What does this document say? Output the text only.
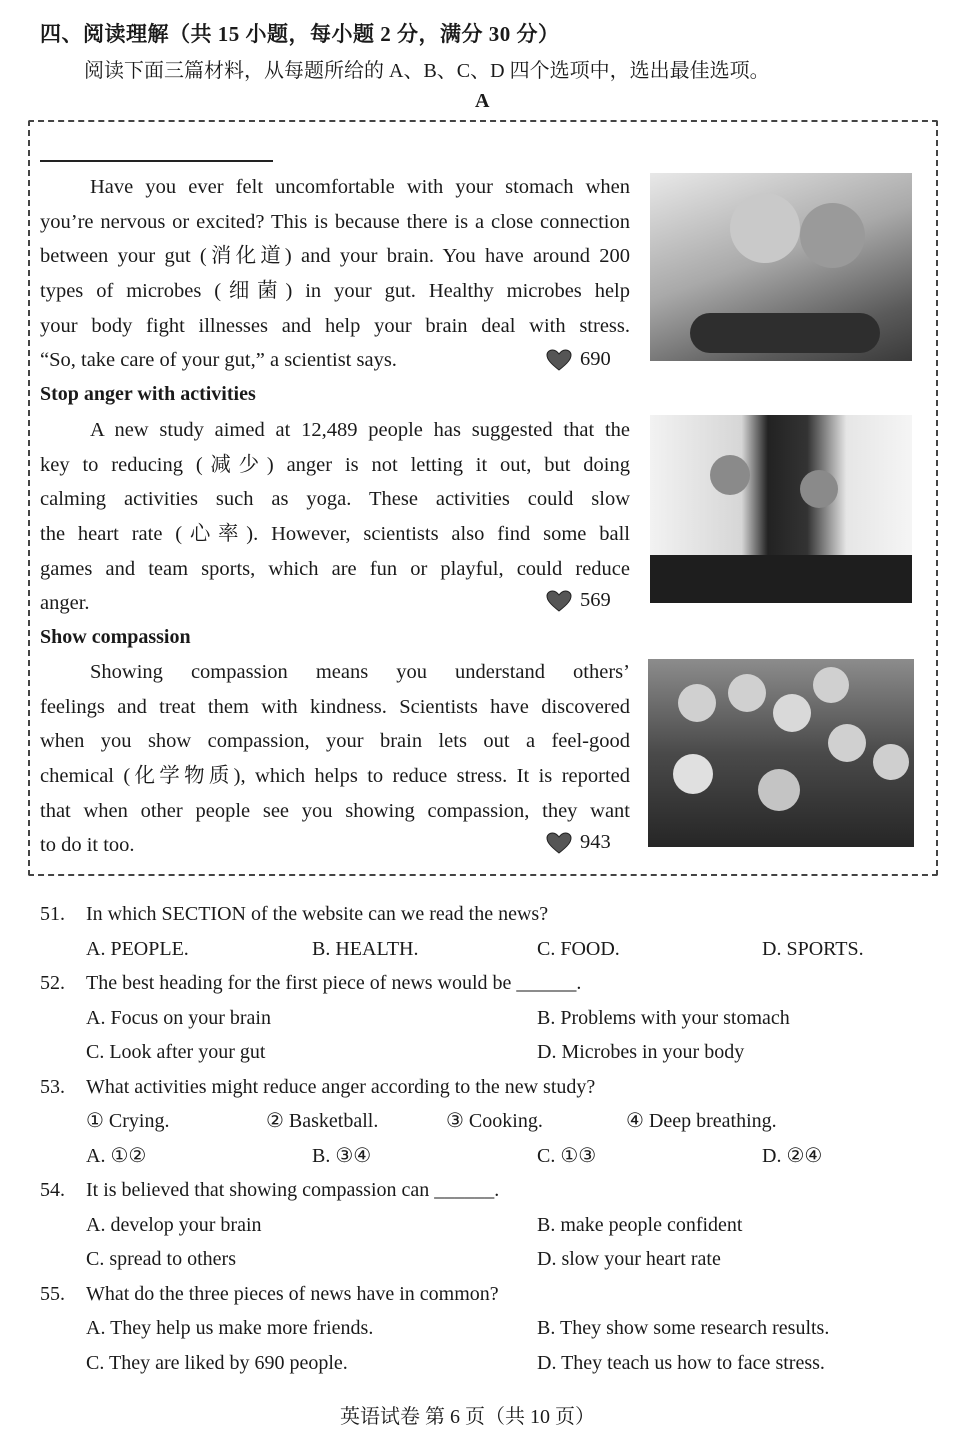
四、阅读理解（共 15 小题，每小题 2 分，满分 30 分）
阅读下面三篇材料，从每题所给的 A、B、C、D 四个选项中，选出最佳选项。
A
Have you ever felt uncomfortable with your stomach when
you’re nervous or excited? This is because there is a close connection
between your gut (消化道) and your brain. You have around 200
types of microbes (细菌) in your gut. Healthy microbes help
your body fight illnesses and help your brain deal with stress.
“So, take care of your gut,” a scientist says.	690
Stop anger with activities
A new study aimed at 12,489 people has suggested that the
key to reducing (减少) anger is not letting it out, but doing
calming activities such as yoga. These activities could slow
the heart rate (心率). However, scientists also find some ball
games and team sports, which are fun or playful, could reduce
anger.	569
Show compassion
Showing compassion means you understand others’
feelings and treat them with kindness. Scientists have discovered
when you show compassion, your brain lets out a feel-good
chemical (化学物质), which helps to reduce stress. It is reported
that when other people see you showing compassion, they want
to do it too.	943
51. In which SECTION of the website can we read the news?
A. PEOPLE.	B. HEALTH.	C. FOOD.	D. SPORTS.
52. The best heading for the first piece of news would be ______.
A. Focus on your brain	B. Problems with your stomach
C. Look after your gut	D. Microbes in your body
53. What activities might reduce anger according to the new study?
① Crying.	② Basketball.	③ Cooking.	④ Deep breathing.
A. ①②	B. ③④	C. ①③	D. ②④
54. It is believed that showing compassion can ______.
A. develop your brain	B. make people confident
C. spread to others	D. slow your heart rate
55. What do the three pieces of news have in common?
A. They help us make more friends.	B. They show some research results.
C. They are liked by 690 people.	D. They teach us how to face stress.
英语试卷 第 6 页（共 10 页）
